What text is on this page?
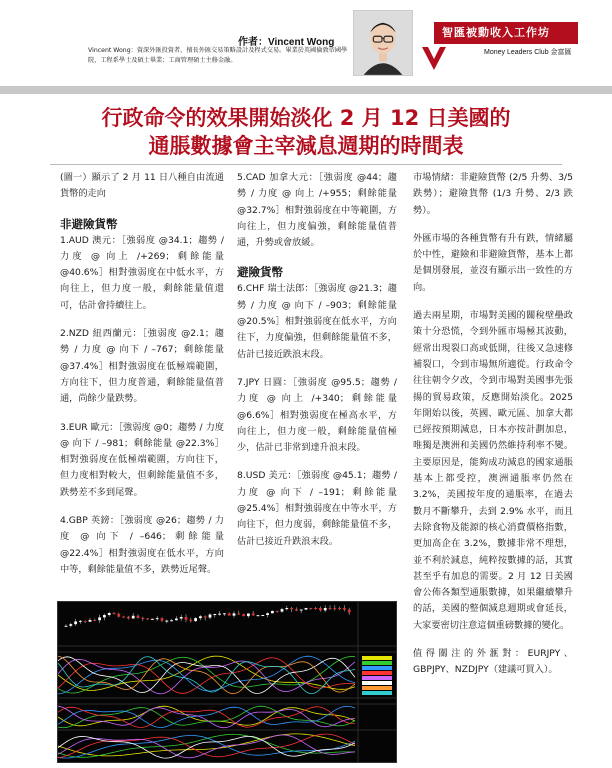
作者：Vincent Wong
Vincent Wong：資深外匯投資者，擅長外匯交易策略設計及程式交易。畢業於英國倫敦帝國學院，工程系學士及碩士畢業；工商管理碩士主修金融。
智匯被動收入工作坊 29
Money Leaders Club 金富匯
行政命令的效果開始淡化 2 月 12 日美國的
通脹數據會主宰減息週期的時間表

(圖一）顯示了 2 月 11 日八種自由流通貨幣的走向

非避險貨幣

1.AUD 澳元：［強弱度 @34.1；趨勢 / 力度 @ 向上 /+269；剩餘能量 @40.6%］相對強弱度在中低水平，方向往上，但力度一般，剩餘能量值還可，估計會持續往上。

2.NZD 紐西蘭元：［強弱度 @2.1；趨勢 / 力度 @ 向下 / –767；剩餘能量 @37.4%］相對強弱度在低極端範圍，方向往下，但力度普通，剩餘能量值普通，尚餘少量跌勢。

3.EUR 歐元：［強弱度 @0；趨勢 / 力度 @ 向下 / –981；剩餘能量 @22.3%］相對強弱度在低極端範圍，方向往下，但力度相對較大，但剩餘能量值不多，跌勢差不多到尾聲。

4.GBP 英鎊：［強弱度 @26；趨勢 / 力度 @ 向下 / –646；剩餘能量 @22.4%］相對強弱度在低水平，方向中等，剩餘能量值不多，跌勢近尾聲。

5.CAD 加拿大元：［強弱度 @44；趨勢 / 力度 @ 向上 /+955；剩餘能量 @32.7%］相對強弱度在中等範圍，方向往上，但力度偏強，剩餘能量值普通，升勢或會放緩。

避險貨幣

6.CHF 瑞士法郎：［強弱度 @21.3；趨勢 / 力度 @ 向下 / –903；剩餘能量 @20.5%］相對強弱度在低水平，方向往下，力度偏強，但剩餘能量值不多，估計已接近跌浪末段。

7.JPY 日圓：［強弱度 @95.5；趨勢 / 力度 @ 向上 /+340；剩餘能量 @6.6%］相對強弱度在極高水平，方向往上，但力度一般，剩餘能量值極少，估計已非常到達升浪末段。

8.USD 美元：［強弱度 @45.1；趨勢 / 力度 @ 向下 / –191；剩餘能量 @25.4%］相對強弱度在中等水平，方向往下，但力度弱，剩餘能量值不多，估計已接近升跌浪末段。

市場情緒：非避險貨幣 (2/5 升勢、3/5 跌勢）；避險貨幣 (1/3 升勢、2/3 跌勢）。

外匯市場的各種貨幣有升有跌，情緒屬於中性，避險和非避險貨幣，基本上都是個別發展，並沒有顯示出一致性的方向。

過去兩星期，市場對美國的關稅壁壘政策十分恐慌，令到外匯市場極其波動，經常出現裂口高或低開，往後又急速修補裂口，令到市場無所適從。行政命令往往朝令夕改，令到市場對美國事先張揚的貿易政策，反應開始淡化。2025 年開始以後，英國、歐元區、加拿大都已經按預期減息，日本亦按計劃加息，唯獨是澳洲和美國仍然維持利率不變。主要原因是，能夠成功減息的國家通脹基本上都受控，澳洲通脹率仍然在 3.2%，美國按年度的通脹率，在過去數月不斷攀升，去到 2.9% 水平，而且去除食物及能源的核心消費價格指數，更加高企在 3.2%，數據非常不理想，並不利於減息，純粹按數據的話，其實甚至乎有加息的需要。2 月 12 日美國會公佈各類型通脹數據，如果繼續攀升的話，美國的整個減息週期或會延長，大家要密切注意這個重磅數據的變化。

值得關注的外滙對：EURJPY、GBPJPY、NZDJPY（建議可買入）。
